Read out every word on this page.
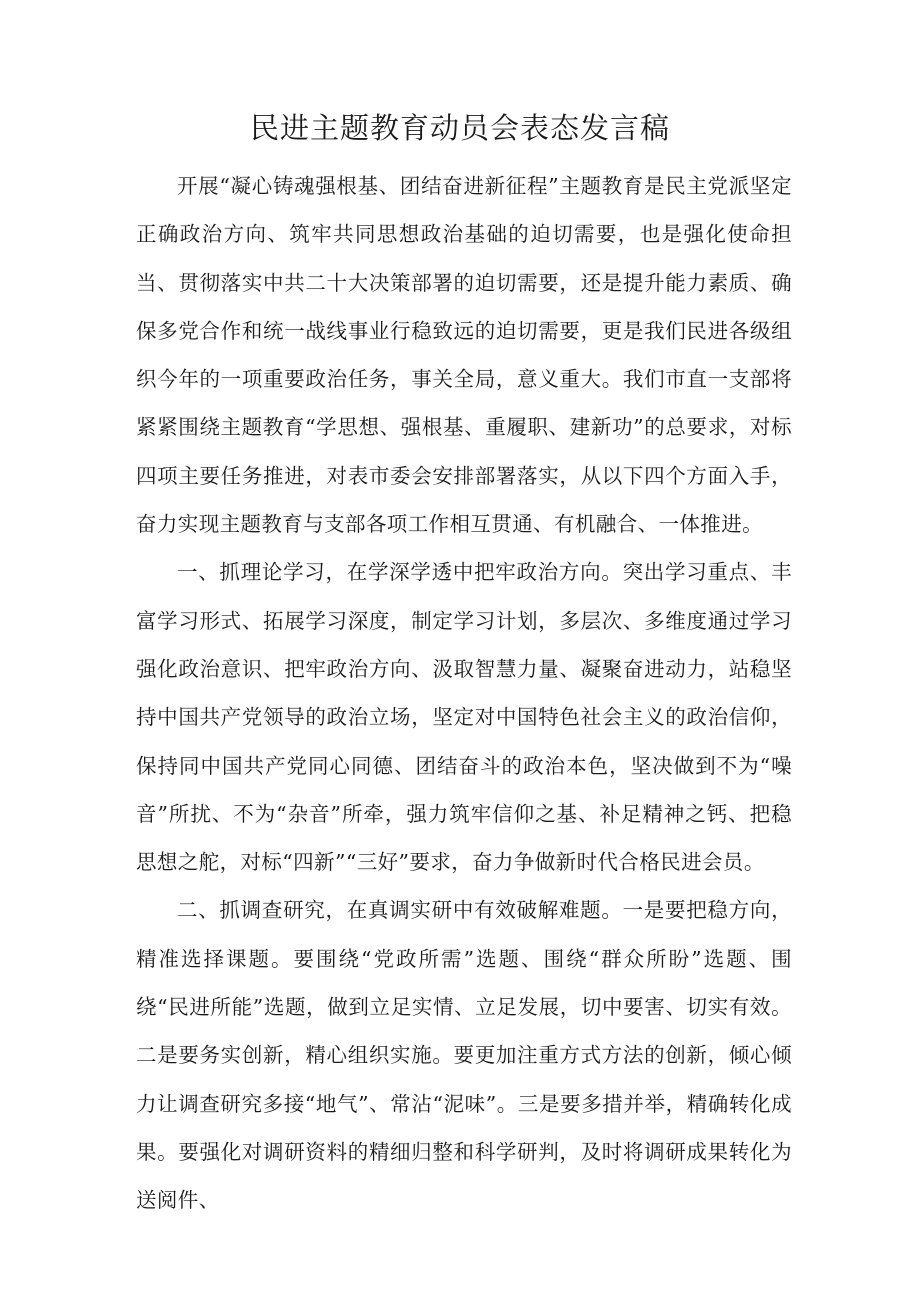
民进主题教育动员会表态发言稿

开展“凝心铸魂强根基、团结奋进新征程”主题教育是民主党派坚定正确政治方向、筑牢共同思想政治基础的迫切需要，也是强化使命担当、贯彻落实中共二十大决策部署的迫切需要，还是提升能力素质、确保多党合作和统一战线事业行稳致远的迫切需要，更是我们民进各级组织今年的一项重要政治任务，事关全局，意义重大。我们市直一支部将紧紧围绕主题教育“学思想、强根基、重履职、建新功”的总要求，对标四项主要任务推进，对表市委会安排部署落实，从以下四个方面入手，奋力实现主题教育与支部各项工作相互贯通、有机融合、一体推进。

一、抓理论学习，在学深学透中把牢政治方向。突出学习重点、丰富学习形式、拓展学习深度，制定学习计划，多层次、多维度通过学习强化政治意识、把牢政治方向、汲取智慧力量、凝聚奋进动力，站稳坚持中国共产党领导的政治立场，坚定对中国特色社会主义的政治信仰，保持同中国共产党同心同德、团结奋斗的政治本色，坚决做到不为“噪音”所扰、不为“杂音”所牵，强力筑牢信仰之基、补足精神之钙、把稳思想之舵，对标“四新”“三好”要求，奋力争做新时代合格民进会员。

二、抓调查研究，在真调实研中有效破解难题。一是要把稳方向，精准选择课题。要围绕“党政所需”选题、围绕“群众所盼”选题、围绕“民进所能”选题，做到立足实情、立足发展，切中要害、切实有效。二是要务实创新，精心组织实施。要更加注重方式方法的创新，倾心倾力让调查研究多接“地气”、常沾“泥味”。三是要多措并举，精确转化成果。要强化对调研资料的精细归整和科学研判，及时将调研成果转化为送阅件、
